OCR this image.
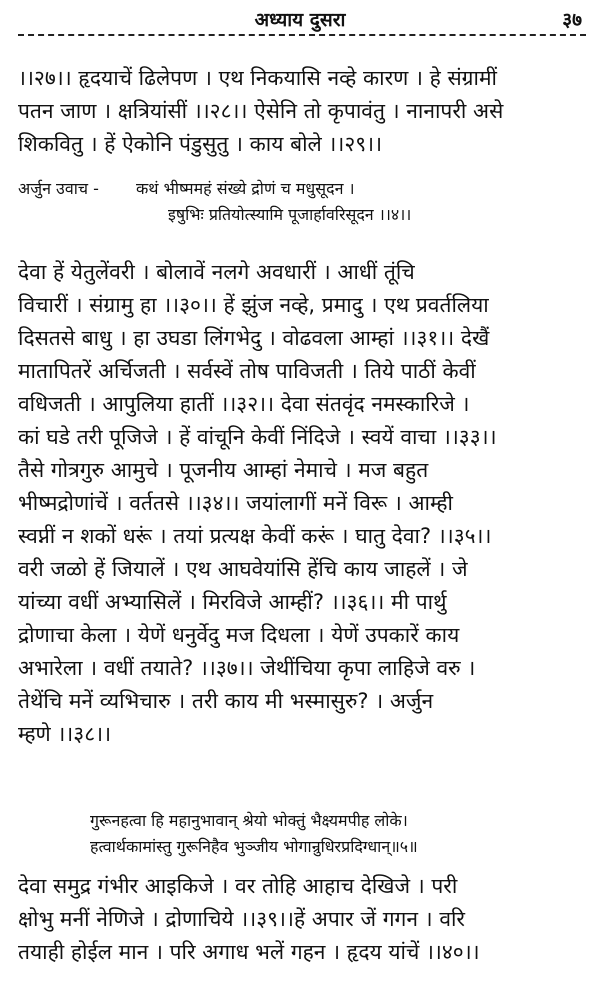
अध्याय दुसरा	३७
।।२७।। हृदयाचें ढिलेपण । एथ निकयासि नव्हे कारण । हे संग्रामीं
पतन जाण । क्षत्रियांसीं ।।२८।। ऐसेनि तो कृपावंतु । नानापरी असे
शिकवितु । हें ऐकोनि पंडुसुतु । काय बोले ।।२९।।
अर्जुन उवाच - कथं भीष्ममहं संख्ये द्रोणं च मधुसूदन ।
इषुभिः प्रतियोत्स्यामि पूजार्हावरिसूदन ।।४।।
देवा हें येतुलेंवरी । बोलावें नलगे अवधारीं । आधीं तूंचि
विचारीं । संग्रामु हा ।।३०।। हें झुंज नव्हे, प्रमादु । एथ प्रवर्तलिया
दिसतसे बाधु । हा उघडा लिंगभेदु । वोढवला आम्हां ।।३१।। देखैं
मातापितरें अर्चिजती । सर्वस्वें तोष पाविजती । तिये पाठीं केवीं
वधिजती । आपुलिया हातीं ।।३२।। देवा संतवृंद नमस्कारिजे ।
कां घडे तरी पूजिजे । हें वांचूनि केवीं निंदिजे । स्वयें वाचा ।।३३।।
तैसे गोत्रगुरु आमुचे । पूजनीय आम्हां नेमाचे । मज बहुत
भीष्मद्रोणांचें । वर्ततसे ।।३४।। जयांलागीं मनें विरू । आम्ही
स्वप्नीं न शकों धरूं । तयां प्रत्यक्ष केवीं करूं । घातु देवा? ।।३५।।
वरी जळो हें जियालें । एथ आघवेयांसि हेंचि काय जाहलें । जे
यांच्या वधीं अभ्यासिलें । मिरविजे आम्हीं? ।।३६।। मी पार्थु
द्रोणाचा केला । येणें धनुर्वेदु मज दिधला । येणें उपकारें काय
अभारेला । वधीं तयाते? ।।३७।। जेथींचिया कृपा लाहिजे वरु ।
तेथेंचि मनें व्यभिचारु । तरी काय मी भस्मासुरु? । अर्जुन
म्हणे ।।३८।।
गुरूनहत्वा हि महानुभावान् श्रेयो भोक्तुं भैक्ष्यमपीह लोके।
हत्वार्थकामांस्तु गुरूनिहैव भुञ्जीय भोगान्रुधिरप्रदिग्धान्॥५॥
देवा समुद्र गंभीर आइकिजे । वर तोहि आहाच देखिजे । परी
क्षोभु मनीं नेणिजे । द्रोणाचिये ।।३९।।हें अपार जें गगन । वरि
तयाही होईल मान । परि अगाध भलें गहन । हृदय यांचें ।।४०।।
